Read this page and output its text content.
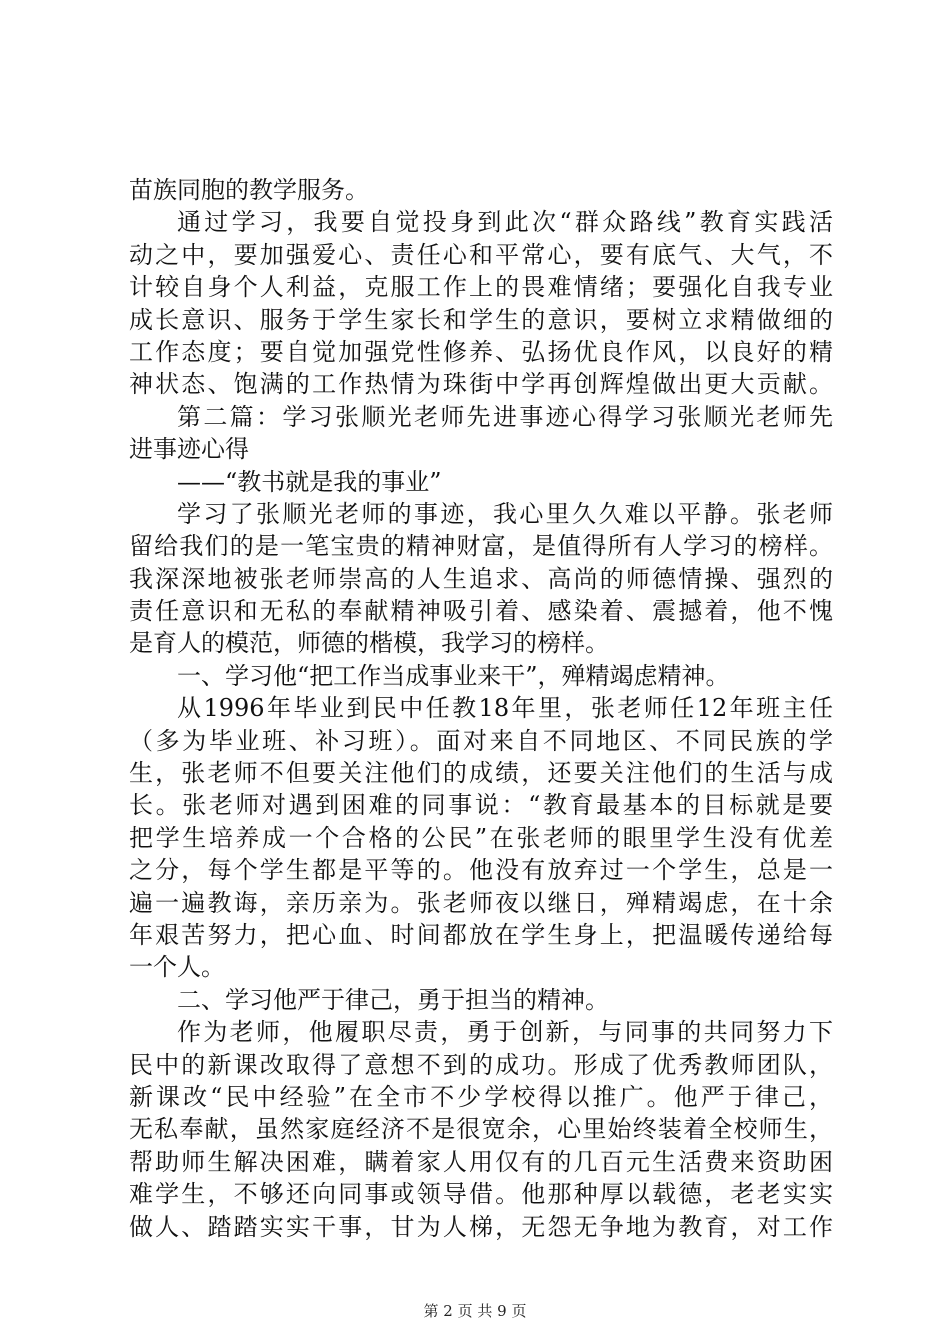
苗族同胞的教学服务。
通过学习，我要自觉投身到此次“群众路线”教育实践活
动之中，要加强爱心、责任心和平常心，要有底气、大气，不
计较自身个人利益，克服工作上的畏难情绪；要强化自我专业
成长意识、服务于学生家长和学生的意识，要树立求精做细的
工作态度；要自觉加强党性修养、弘扬优良作风，以良好的精
神状态、饱满的工作热情为珠街中学再创辉煌做出更大贡献。
第二篇：学习张顺光老师先进事迹心得学习张顺光老师先
进事迹心得
——“教书就是我的事业”
学习了张顺光老师的事迹，我心里久久难以平静。张老师
留给我们的是一笔宝贵的精神财富，是值得所有人学习的榜样。
我深深地被张老师崇高的人生追求、高尚的师德情操、强烈的
责任意识和无私的奉献精神吸引着、感染着、震撼着，他不愧
是育人的模范，师德的楷模，我学习的榜样。
一、学习他“把工作当成事业来干”，殚精竭虑精神。
从1996年毕业到民中任教18年里，张老师任12年班主任
（多为毕业班、补习班）。面对来自不同地区、不同民族的学
生，张老师不但要关注他们的成绩，还要关注他们的生活与成
长。张老师对遇到困难的同事说：“教育最基本的目标就是要
把学生培养成一个合格的公民”在张老师的眼里学生没有优差
之分，每个学生都是平等的。他没有放弃过一个学生，总是一
遍一遍教诲，亲历亲为。张老师夜以继日，殚精竭虑，在十余
年艰苦努力，把心血、时间都放在学生身上，把温暖传递给每
一个人。
二、学习他严于律己，勇于担当的精神。
作为老师，他履职尽责，勇于创新，与同事的共同努力下
民中的新课改取得了意想不到的成功。形成了优秀教师团队，
新课改“民中经验”在全市不少学校得以推广。他严于律己，
无私奉献，虽然家庭经济不是很宽余，心里始终装着全校师生，
帮助师生解决困难，瞒着家人用仅有的几百元生活费来资助困
难学生，不够还向同事或领导借。他那种厚以载德，老老实实
做人、踏踏实实干事，甘为人梯，无怨无争地为教育，对工作
第 2 页 共 9 页
